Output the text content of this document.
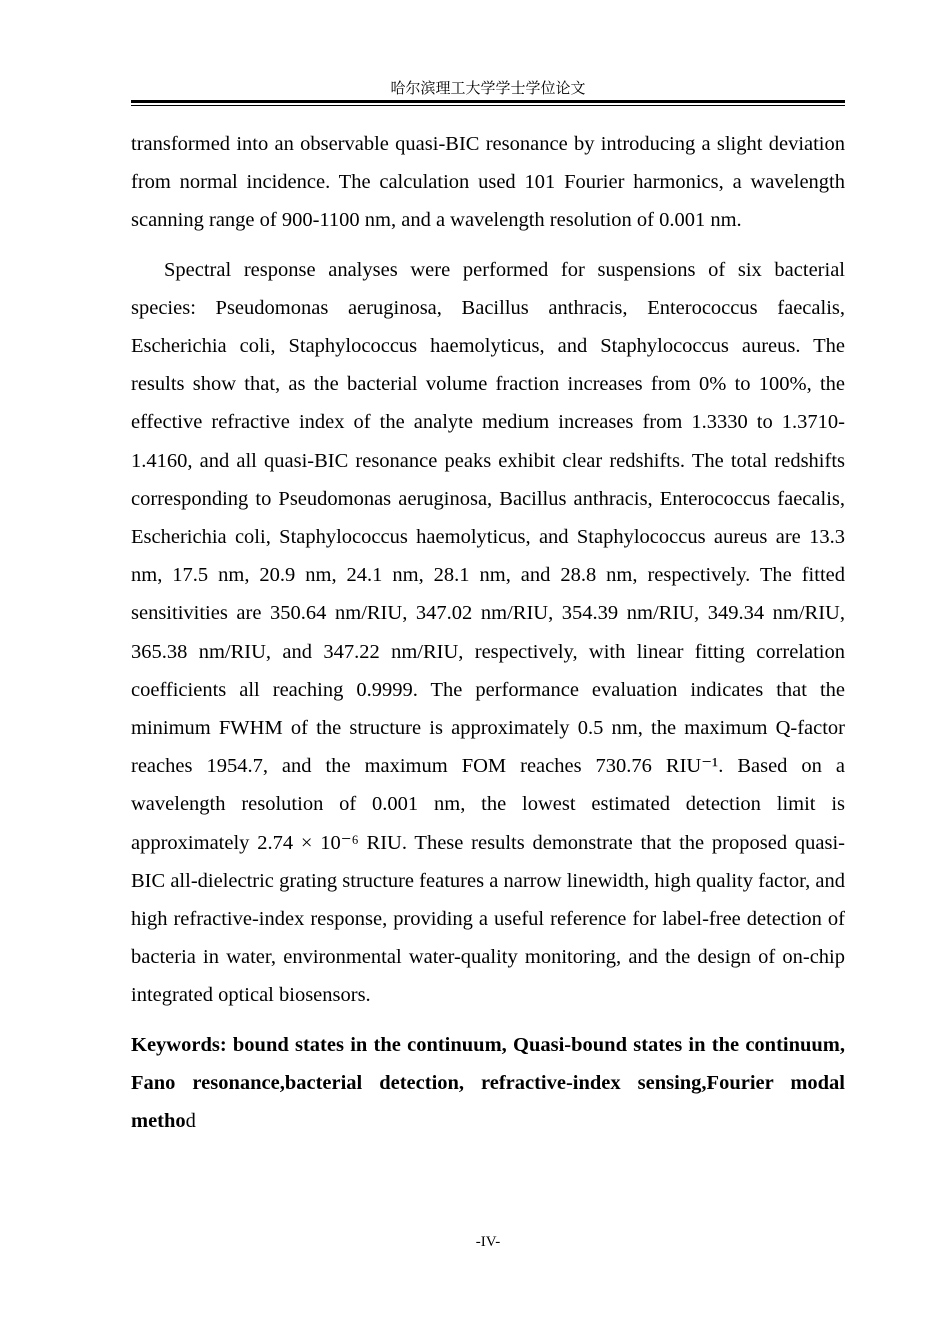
哈尔滨理工大学学士学位论文

transformed into an observable quasi-BIC resonance by introducing a slight deviation from normal incidence. The calculation used 101 Fourier harmonics, a wavelength scanning range of 900-1100 nm, and a wavelength resolution of 0.001 nm.

Spectral response analyses were performed for suspensions of six bacterial species: Pseudomonas aeruginosa, Bacillus anthracis, Enterococcus faecalis, Escherichia coli, Staphylococcus haemolyticus, and Staphylococcus aureus. The results show that, as the bacterial volume fraction increases from 0% to 100%, the effective refractive index of the analyte medium increases from 1.3330 to 1.3710-1.4160, and all quasi-BIC resonance peaks exhibit clear redshifts. The total redshifts corresponding to Pseudomonas aeruginosa, Bacillus anthracis, Enterococcus faecalis, Escherichia coli, Staphylococcus haemolyticus, and Staphylococcus aureus are 13.3 nm, 17.5 nm, 20.9 nm, 24.1 nm, 28.1 nm, and 28.8 nm, respectively. The fitted sensitivities are 350.64 nm/RIU, 347.02 nm/RIU, 354.39 nm/RIU, 349.34 nm/RIU, 365.38 nm/RIU, and 347.22 nm/RIU, respectively, with linear fitting correlation coefficients all reaching 0.9999. The performance evaluation indicates that the minimum FWHM of the structure is approximately 0.5 nm, the maximum Q-factor reaches 1954.7, and the maximum FOM reaches 730.76 RIU⁻¹. Based on a wavelength resolution of 0.001 nm, the lowest estimated detection limit is approximately 2.74 × 10⁻⁶ RIU. These results demonstrate that the proposed quasi-BIC all-dielectric grating structure features a narrow linewidth, high quality factor, and high refractive-index response, providing a useful reference for label-free detection of bacteria in water, environmental water-quality monitoring, and the design of on-chip integrated optical biosensors.

Keywords: bound states in the continuum, Quasi-bound states in the continuum, Fano resonance,bacterial detection, refractive-index sensing,Fourier modal method

-IV-
